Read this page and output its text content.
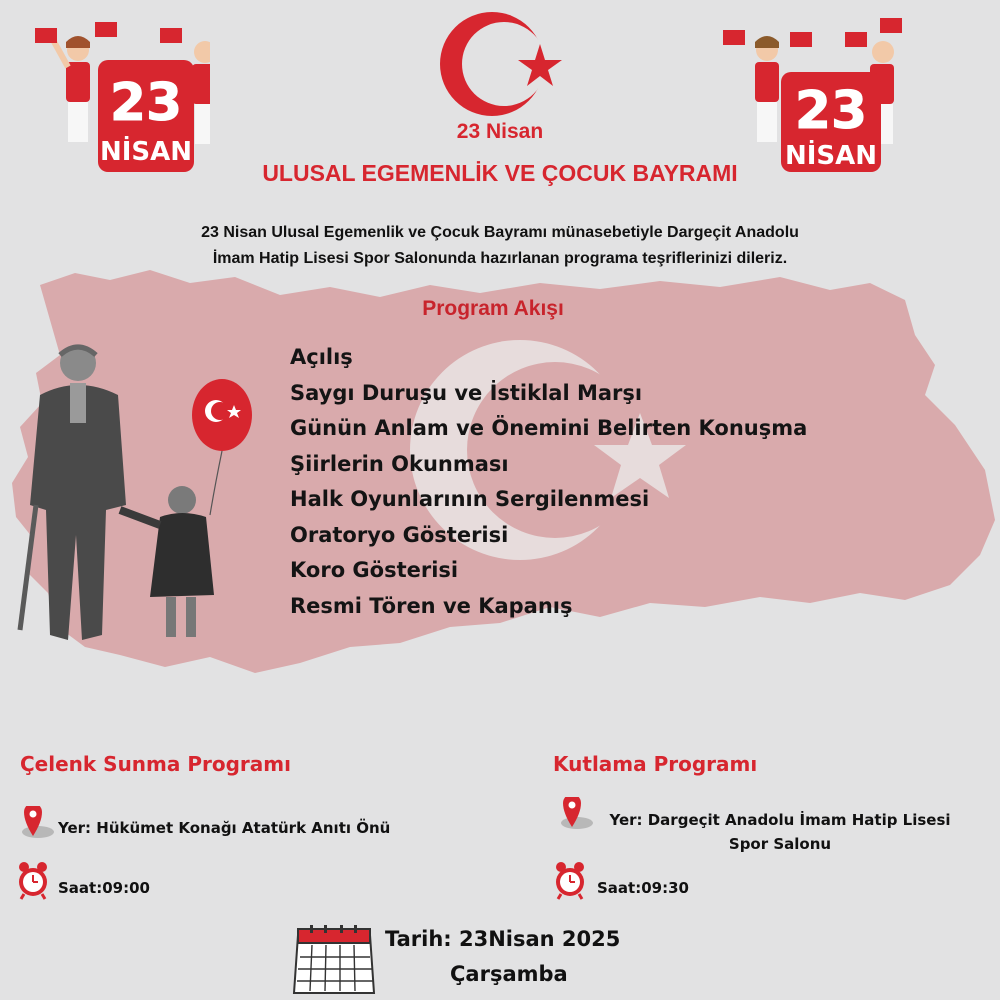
23
NİSAN
23
NİSAN
23 Nisan
ULUSAL EGEMENLİK VE ÇOCUK BAYRAMI
23 Nisan Ulusal Egemenlik ve Çocuk Bayramı münasebetiyle Dargeçit Anadolu
İmam Hatip Lisesi Spor Salonunda hazırlanan programa teşriflerinizi dileriz.
Program Akışı
Açılış
Saygı Duruşu ve İstiklal Marşı
Günün Anlam ve Önemini Belirten Konuşma
Şiirlerin Okunması
Halk Oyunlarının Sergilenmesi
Oratoryo Gösterisi
Koro Gösterisi
Resmi Tören ve Kapanış
Çelenk Sunma Programı
Yer: Hükümet Konağı Atatürk Anıtı Önü
Saat:09:00
Kutlama Programı
Yer: Dargeçit Anadolu İmam Hatip Lisesi
Spor Salonu
Saat:09:30
Tarih: 23Nisan 2025
Çarşamba
